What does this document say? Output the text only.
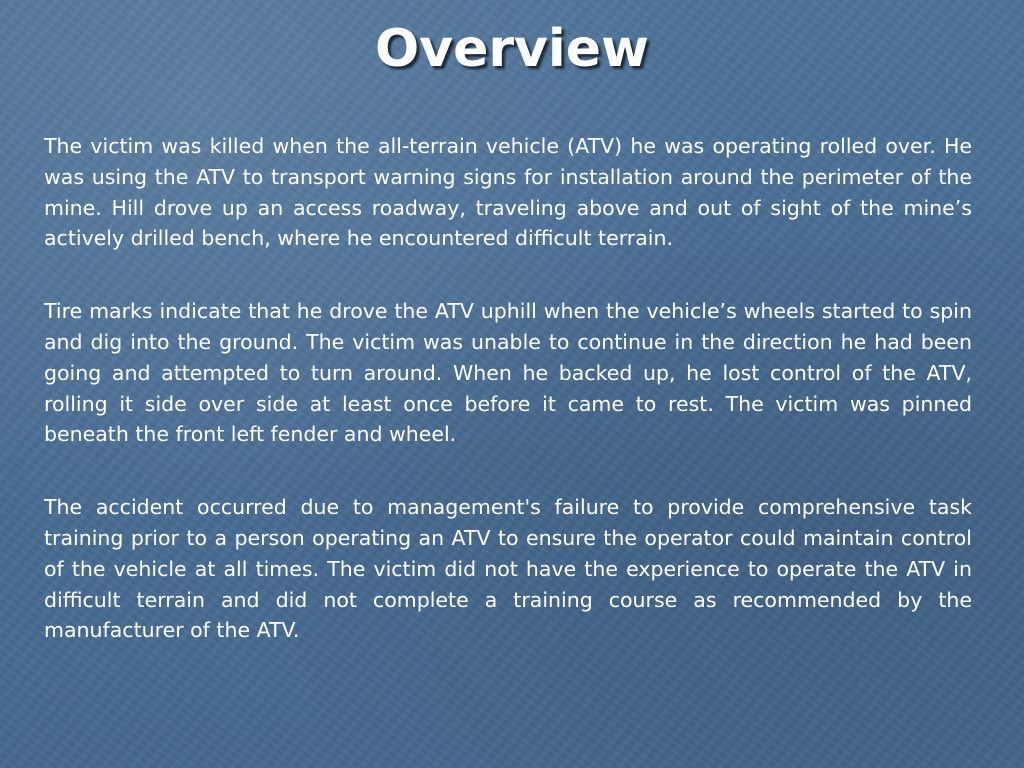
Overview

The victim was killed when the all-terrain vehicle (ATV) he was operating rolled over. He was using the ATV to transport warning signs for installation around the perimeter of the mine. Hill drove up an access roadway, traveling above and out of sight of the mine’s actively drilled bench, where he encountered difficult terrain.

Tire marks indicate that he drove the ATV uphill when the vehicle’s wheels started to spin and dig into the ground. The victim was unable to continue in the direction he had been going and attempted to turn around. When he backed up, he lost control of the ATV, rolling it side over side at least once before it came to rest. The victim was pinned beneath the front left fender and wheel.

The accident occurred due to management's failure to provide comprehensive task training prior to a person operating an ATV to ensure the operator could maintain control of the vehicle at all times. The victim did not have the experience to operate the ATV in difficult terrain and did not complete a training course as recommended by the manufacturer of the ATV.
